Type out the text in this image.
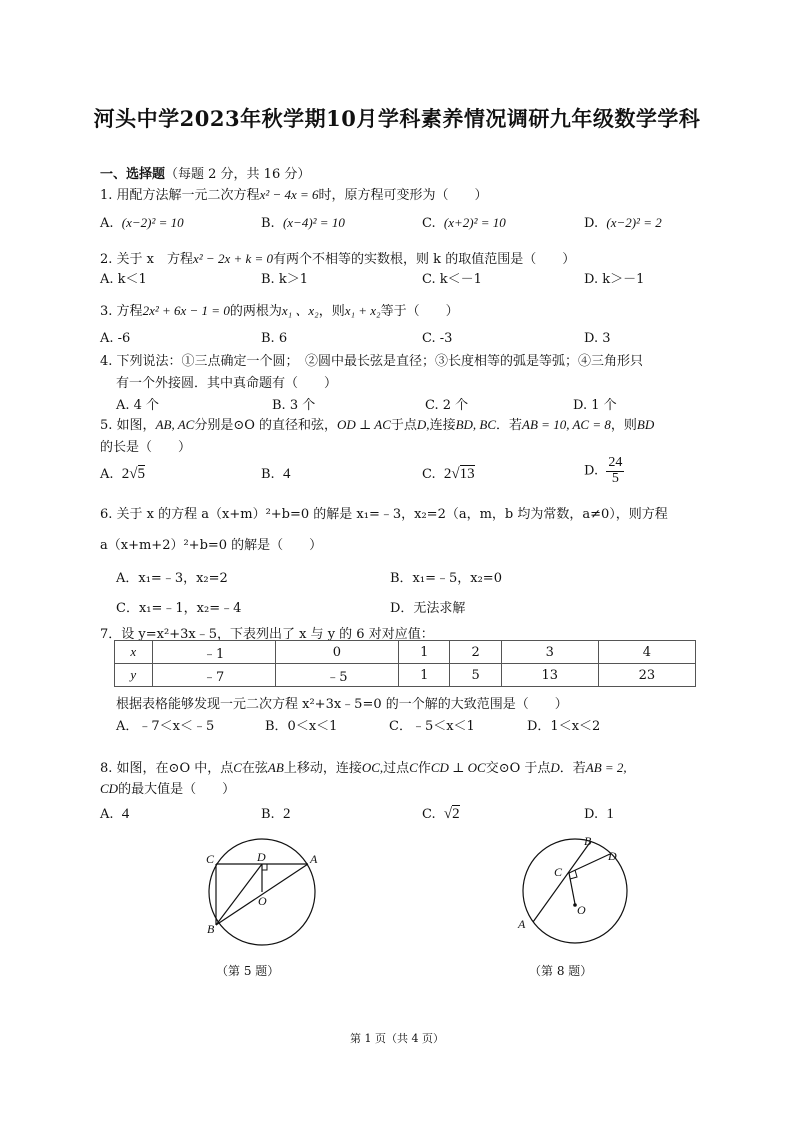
河头中学2023年秋学期10月学科素养情况调研九年级数学学科
一、选择题（每题 2 分，共 16 分）
1. 用配方法解一元二次方程x² − 4x = 6时，原方程可变形为（　　）
A. (x−2)² = 10	B. (x−4)² = 10	C. (x+2)² = 10	D. (x−2)² = 2
2. 关于 x　方程x² − 2x + k = 0有两个不相等的实数根，则 k 的取值范围是（　　）
A. k＜1	B. k＞1	C. k＜－1	D. k＞－1
3. 方程2x² + 6x − 1 = 0的两根为x₁ 、x₂，则x₁ + x₂等于（　　）
A. -6	B. 6	C. -3	D. 3
4. 下列说法：①三点确定一个圆；　②圆中最长弦是直径；③长度相等的弧是等弧；④三角形只
有一个外接圆．其中真命题有（　　）
A. 4 个	B. 3 个	C. 2 个	D. 1 个
5. 如图，AB, AC分别是⊙O 的直径和弦，OD ⊥ AC于点D,连接BD, BC．若AB = 10, AC = 8，则BD
的长是（　　）
A. 2√5	B. 4	C. 2√13	D. $\frac{24}{5}$
6. 关于 x 的方程 a（x+m）²+b=0 的解是 x₁=﹣3，x₂=2（a，m，b 均为常数，a≠0），则方程
a（x+m+2）²+b=0 的解是（　　）
A．x₁=﹣3，x₂=2	B．x₁=﹣5，x₂=0
C．x₁=﹣1，x₂=﹣4	D．无法求解
7．设 y=x²+3x﹣5，下表列出了 x 与 y 的 6 对对应值：
x	﹣1	0	1	2	3	4
y	﹣7	﹣5	1	5	13	23
根据表格能够发现一元二次方程 x²+3x﹣5=0 的一个解的大致范围是（　　）
A．﹣7＜x＜﹣5	B．0＜x＜1	C．﹣5＜x＜1	D．1＜x＜2
8. 如图，在⊙O 中，点C在弦AB上移动，连接OC,过点C作CD ⊥ OC交⊙O 于点D．若AB = 2,
CD的最大值是（　　）
A. 4	B. 2	C. √2	D. 1
C	D	A
O
B
（第 5 题）
B
D
C
O
A
（第 8 题）
第 1 页（共 4 页）
